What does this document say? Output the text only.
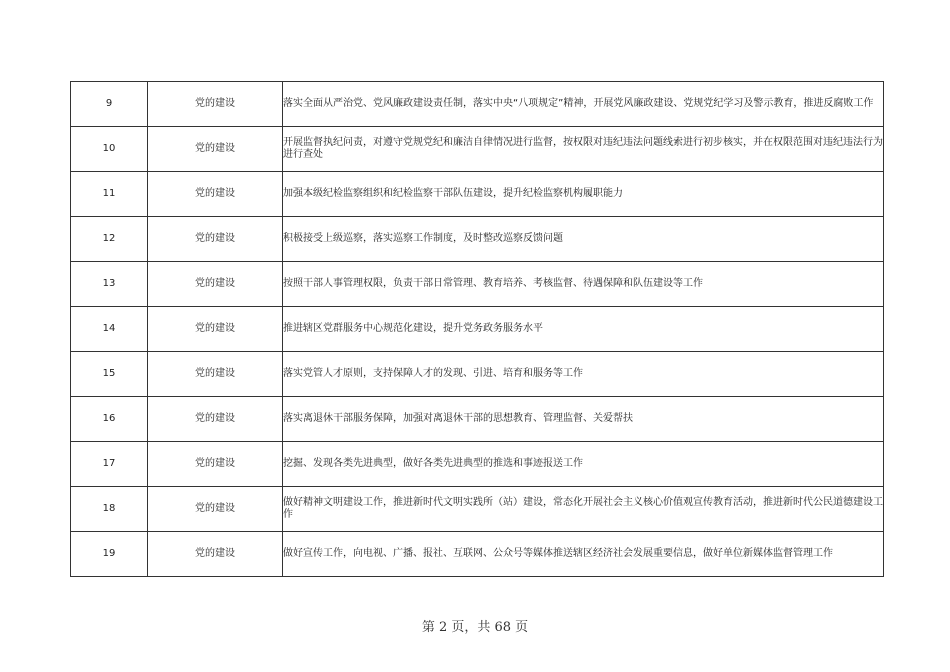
9	党的建设	落实全面从严治党、党风廉政建设责任制，落实中央“八项规定”精神，开展党风廉政建设、党规党纪学习及警示教育，推进反腐败工作
10	党的建设	开展监督执纪问责，对遵守党规党纪和廉洁自律情况进行监督，按权限对违纪违法问题线索进行初步核实，并在权限范围对违纪违法行为进行查处
11	党的建设	加强本级纪检监察组织和纪检监察干部队伍建设，提升纪检监察机构履职能力
12	党的建设	积极接受上级巡察，落实巡察工作制度，及时整改巡察反馈问题
13	党的建设	按照干部人事管理权限，负责干部日常管理、教育培养、考核监督、待遇保障和队伍建设等工作
14	党的建设	推进辖区党群服务中心规范化建设，提升党务政务服务水平
15	党的建设	落实党管人才原则，支持保障人才的发现、引进、培育和服务等工作
16	党的建设	落实离退休干部服务保障，加强对离退休干部的思想教育、管理监督、关爱帮扶
17	党的建设	挖掘、发现各类先进典型，做好各类先进典型的推选和事迹报送工作
18	党的建设	做好精神文明建设工作，推进新时代文明实践所（站）建设，常态化开展社会主义核心价值观宣传教育活动，推进新时代公民道德建设工作
19	党的建设	做好宣传工作，向电视、广播、报社、互联网、公众号等媒体推送辖区经济社会发展重要信息，做好单位新媒体监督管理工作
第 2 页，共 68 页
